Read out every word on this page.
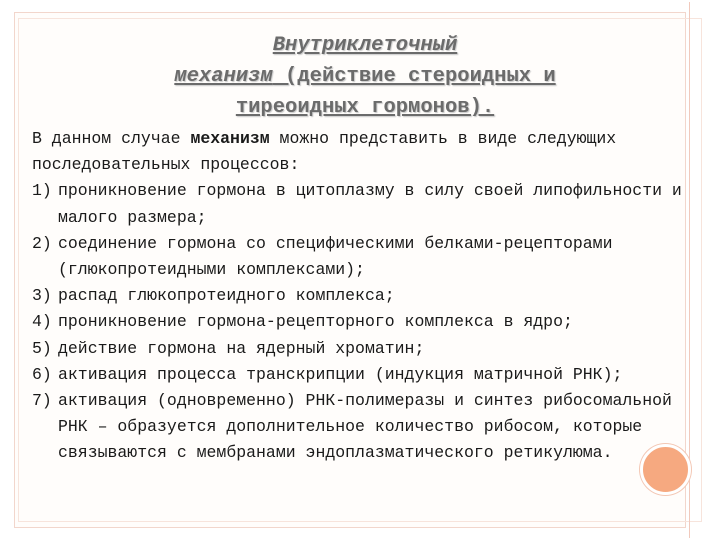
Внутриклеточный
механизм (действие стероидных и
тиреоидных гормонов).

В данном случае механизм можно представить в виде следующих последовательных процессов:

1) проникновение гормона в цитоплазму в силу своей липофильности и малого размера;
2) соединение гормона со специфическими белками-рецепторами (глюкопротеидными комплексами);
3) распад глюкопротеидного комплекса;
4) проникновение гормона-рецепторного комплекса в ядро;
5) действие гормона на ядерный хроматин;
6) активация процесса транскрипции (индукция матричной РНК);
7) активация (одновременно) РНК-полимеразы и синтез рибосомальной РНК – образуется дополнительное количество рибосом, которые связываются с мембранами эндоплазматического ретикулюма.
